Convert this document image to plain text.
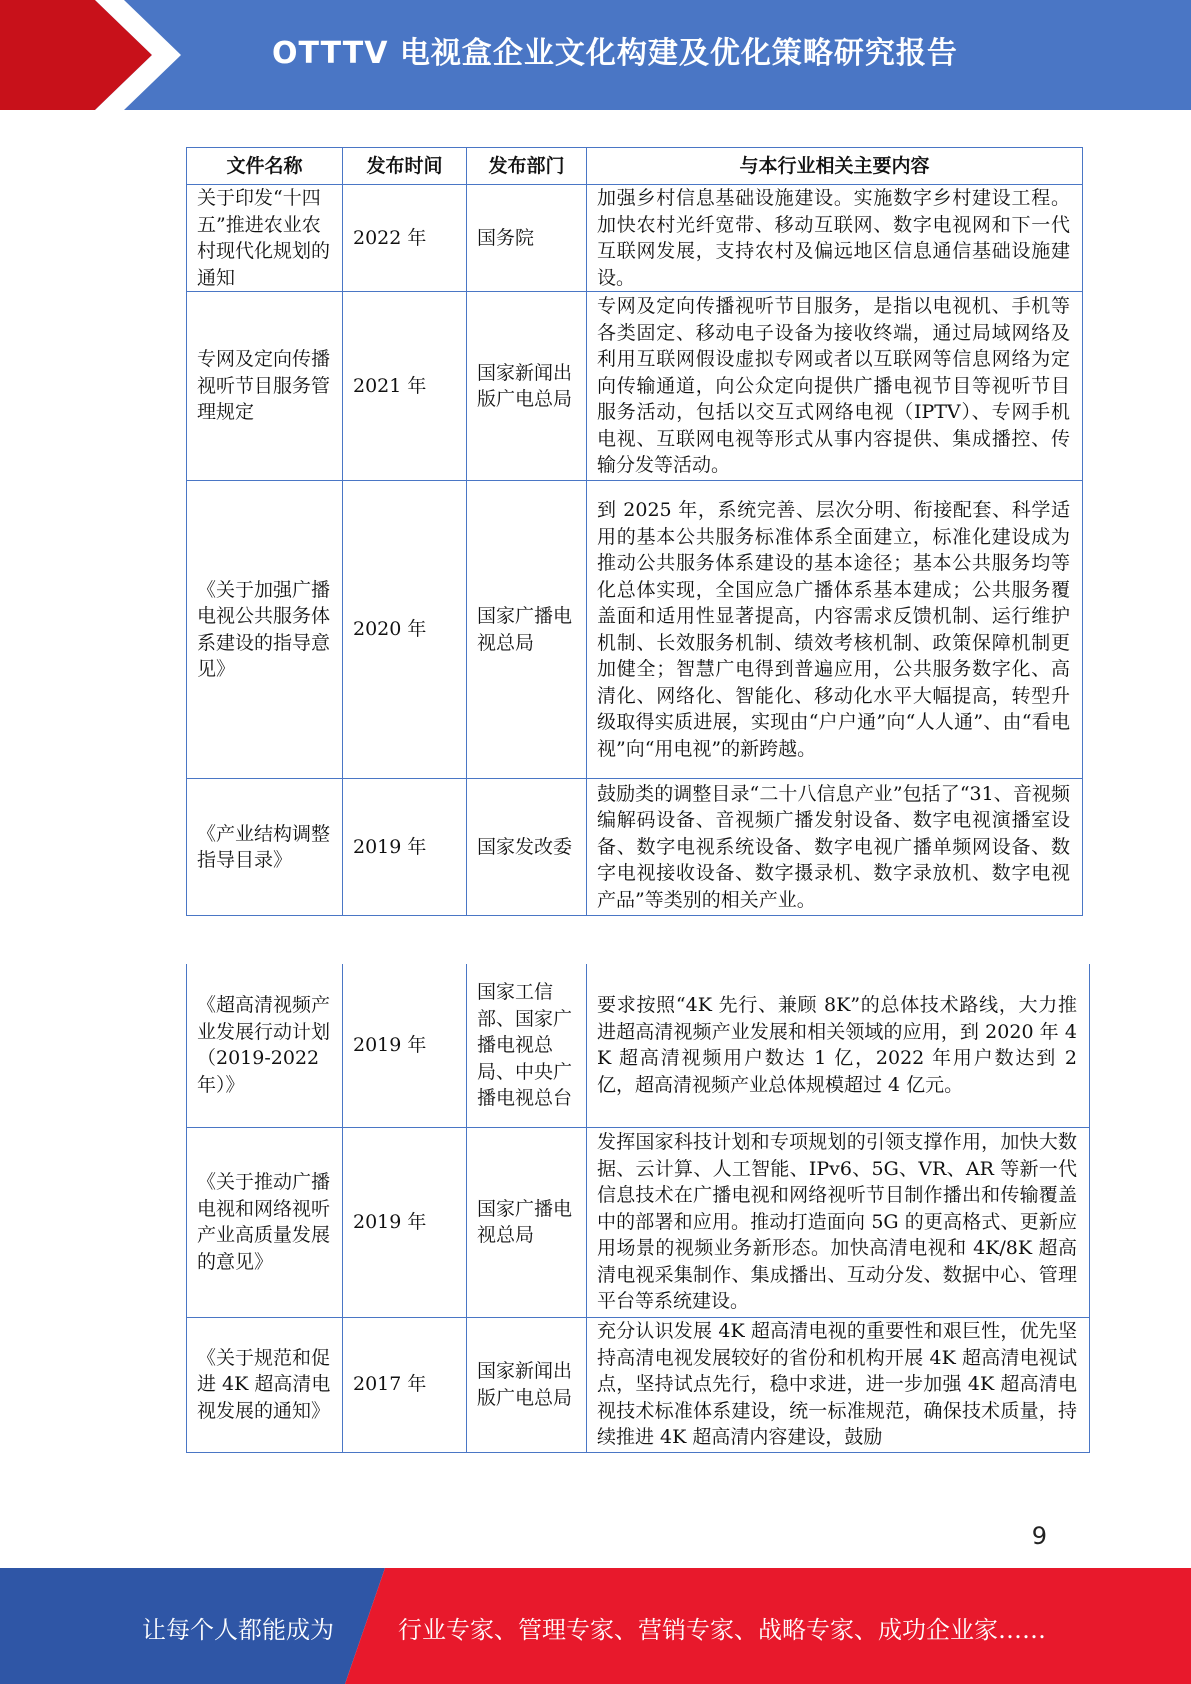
OTTTV 电视盒企业文化构建及优化策略研究报告
文件名称	发布时间	发布部门	与本行业相关主要内容
关于印发“十四五”推进农业农村现代化规划的通知	2022 年	国务院	加强乡村信息基础设施建设。实施数字乡村建设工程。加快农村光纤宽带、移动互联网、数字电视网和下一代互联网发展，支持农村及偏远地区信息通信基础设施建设。
专网及定向传播视听节目服务管理规定	2021 年	国家新闻出版广电总局	专网及定向传播视听节目服务，是指以电视机、手机等各类固定、移动电子设备为接收终端，通过局域网络及利用互联网假设虚拟专网或者以互联网等信息网络为定向传输通道，向公众定向提供广播电视节目等视听节目服务活动，包括以交互式网络电视（IPTV）、专网手机电视、互联网电视等形式从事内容提供、集成播控、传输分发等活动。
《关于加强广播电视公共服务体系建设的指导意见》	2020 年	国家广播电视总局	到 2025 年，系统完善、层次分明、衔接配套、科学适用的基本公共服务标准体系全面建立，标准化建设成为推动公共服务体系建设的基本途径；基本公共服务均等化总体实现，全国应急广播体系基本建成；公共服务覆盖面和适用性显著提高，内容需求反馈机制、运行维护机制、长效服务机制、绩效考核机制、政策保障机制更加健全；智慧广电得到普遍应用，公共服务数字化、高清化、网络化、智能化、移动化水平大幅提高，转型升级取得实质进展，实现由“户户通”向“人人通”、由“看电视”向“用电视”的新跨越。
《产业结构调整指导目录》	2019 年	国家发改委	鼓励类的调整目录“二十八信息产业”包括了“31、音视频编解码设备、音视频广播发射设备、数字电视演播室设备、数字电视系统设备、数字电视广播单频网设备、数字电视接收设备、数字摄录机、数字录放机、数字电视产品”等类别的相关产业。
《超高清视频产业发展行动计划（2019-2022年）》	2019 年	国家工信部、国家广播电视总局、中央广播电视总台	要求按照“4K 先行、兼顾 8K”的总体技术路线，大力推进超高清视频产业发展和相关领域的应用，到 2020 年 4K 超高清视频用户数达 1 亿，2022 年用户数达到 2 亿，超高清视频产业总体规模超过 4 亿元。
《关于推动广播电视和网络视听产业高质量发展的意见》	2019 年	国家广播电视总局	发挥国家科技计划和专项规划的引领支撑作用，加快大数据、云计算、人工智能、IPv6、5G、VR、AR 等新一代信息技术在广播电视和网络视听节目制作播出和传输覆盖中的部署和应用。推动打造面向 5G 的更高格式、更新应用场景的视频业务新形态。加快高清电视和 4K/8K 超高清电视采集制作、集成播出、互动分发、数据中心、管理平台等系统建设。
《关于规范和促进 4K 超高清电视发展的通知》	2017 年	国家新闻出版广电总局	充分认识发展 4K 超高清电视的重要性和艰巨性，优先坚持高清电视发展较好的省份和机构开展 4K 超高清电视试点，坚持试点先行，稳中求进，进一步加强 4K 超高清电视技术标准体系建设，统一标准规范，确保技术质量，持续推进 4K 超高清内容建设，鼓励
9
让每个人都能成为	行业专家、管理专家、营销专家、战略专家、成功企业家……
